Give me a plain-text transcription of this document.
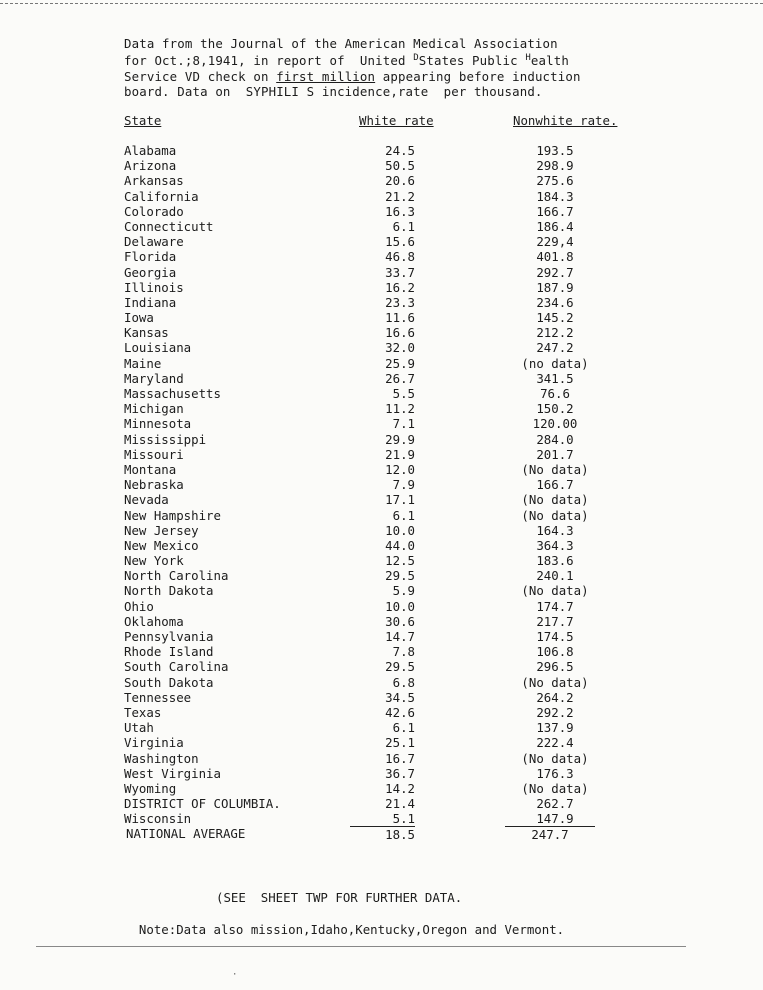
Data from the Journal of the American Medical Association
for Oct.;8,1941, in report of  United $^D$States Public $^H$ealth
Service VD check on first million appearing before induction
board. Data on  SYPHILI S incidence,rate  per thousand.
State	White rate	Nonwhite rate.
Alabama	24.5	193.5
Arizona	50.5	298.9
Arkansas	20.6	275.6
California	21.2	184.3
Colorado	16.3	166.7
Connecticutt	6.1	186.4
Delaware	15.6	229,4
Florida	46.8	401.8
Georgia	33.7	292.7
Illinois	16.2	187.9
Indiana	23.3	234.6
Iowa	11.6	145.2
Kansas	16.6	212.2
Louisiana	32.0	247.2
Maine	25.9	(no data)
Maryland	26.7	341.5
Massachusetts	5.5	76.6
Michigan	11.2	150.2
Minnesota	7.1	120.00
Mississippi	29.9	284.0
Missouri	21.9	201.7
Montana	12.0	(No data)
Nebraska	7.9	166.7
Nevada	17.1	(No data)
New Hampshire	6.1	(No data)
New Jersey	10.0	164.3
New Mexico	44.0	364.3
New York	12.5	183.6
North Carolina	29.5	240.1
North Dakota	5.9	(No data)
Ohio	10.0	174.7
Oklahoma	30.6	217.7
Pennsylvania	14.7	174.5
Rhode Island	7.8	106.8
South Carolina	29.5	296.5
South Dakota	6.8	(No data)
Tennessee	34.5	264.2
Texas	42.6	292.2
Utah	6.1	137.9
Virginia	25.1	222.4
Washington	16.7	(No data)
West Virginia	36.7	176.3
Wyoming	14.2	(No data)
DISTRICT OF COLUMBIA.	21.4	262.7
Wisconsin	5.1	147.9
NATIONAL AVERAGE	18.5	247.7

(SEE  SHEET TWP FOR FURTHER DATA.

Note:Data also mission,Idaho,Kentucky,Oregon and Vermont.

·
